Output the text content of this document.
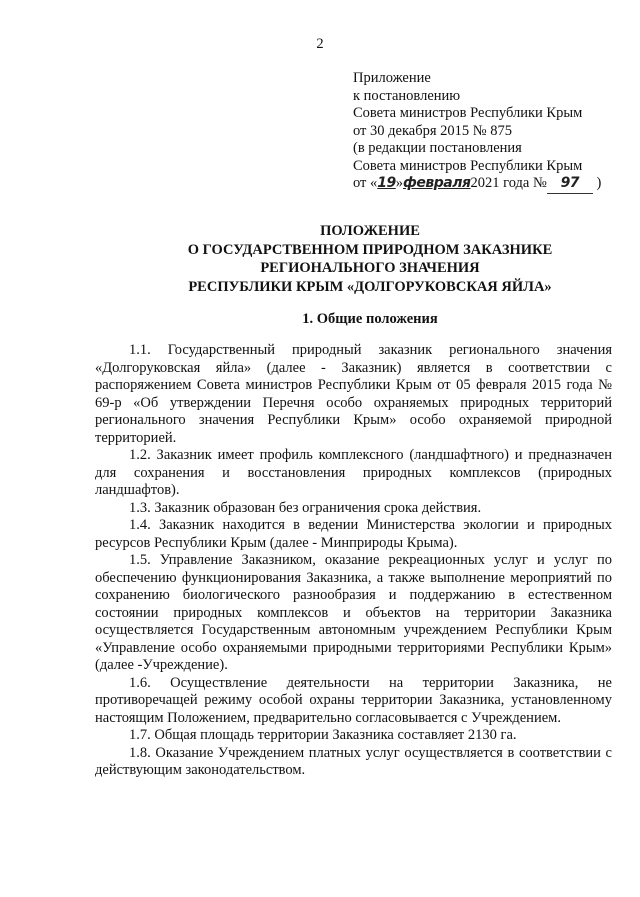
2
Приложение
к постановлению
Совета министров Республики Крым
от 30 декабря 2015 № 875
(в редакции постановления
Совета министров Республики Крым
от «19»февраля2021 года № 97 )
ПОЛОЖЕНИЕ
О ГОСУДАРСТВЕННОМ ПРИРОДНОМ ЗАКАЗНИКЕ
РЕГИОНАЛЬНОГО ЗНАЧЕНИЯ
РЕСПУБЛИКИ КРЫМ «ДОЛГОРУКОВСКАЯ ЯЙЛА»
1. Общие положения

1.1. Государственный природный заказник регионального значения «Долгоруковская яйла» (далее - Заказник) является в соответствии с распоряжением Совета министров Республики Крым от 05 февраля 2015 года № 69-р «Об утверждении Перечня особо охраняемых природных территорий регионального значения Республики Крым» особо охраняемой природной территорией.

1.2. Заказник имеет профиль комплексного (ландшафтного) и предназначен для сохранения и восстановления природных комплексов (природных ландшафтов).

1.3. Заказник образован без ограничения срока действия.

1.4. Заказник находится в ведении Министерства экологии и природных ресурсов Республики Крым (далее - Минприроды Крыма).

1.5. Управление Заказником, оказание рекреационных услуг и услуг по обеспечению функционирования Заказника, а также выполнение мероприятий по сохранению биологического разнообразия и поддержанию в естественном состоянии природных комплексов и объектов на территории Заказника осуществляется Государственным автономным учреждением Республики Крым «Управление особо охраняемыми природными территориями Республики Крым» (далее -Учреждение).

1.6. Осуществление деятельности на территории Заказника, не противоречащей режиму особой охраны территории Заказника, установленному настоящим Положением, предварительно согласовывается с Учреждением.

1.7. Общая площадь территории Заказника составляет 2130 га.

1.8. Оказание Учреждением платных услуг осуществляется в соответствии с действующим законодательством.
